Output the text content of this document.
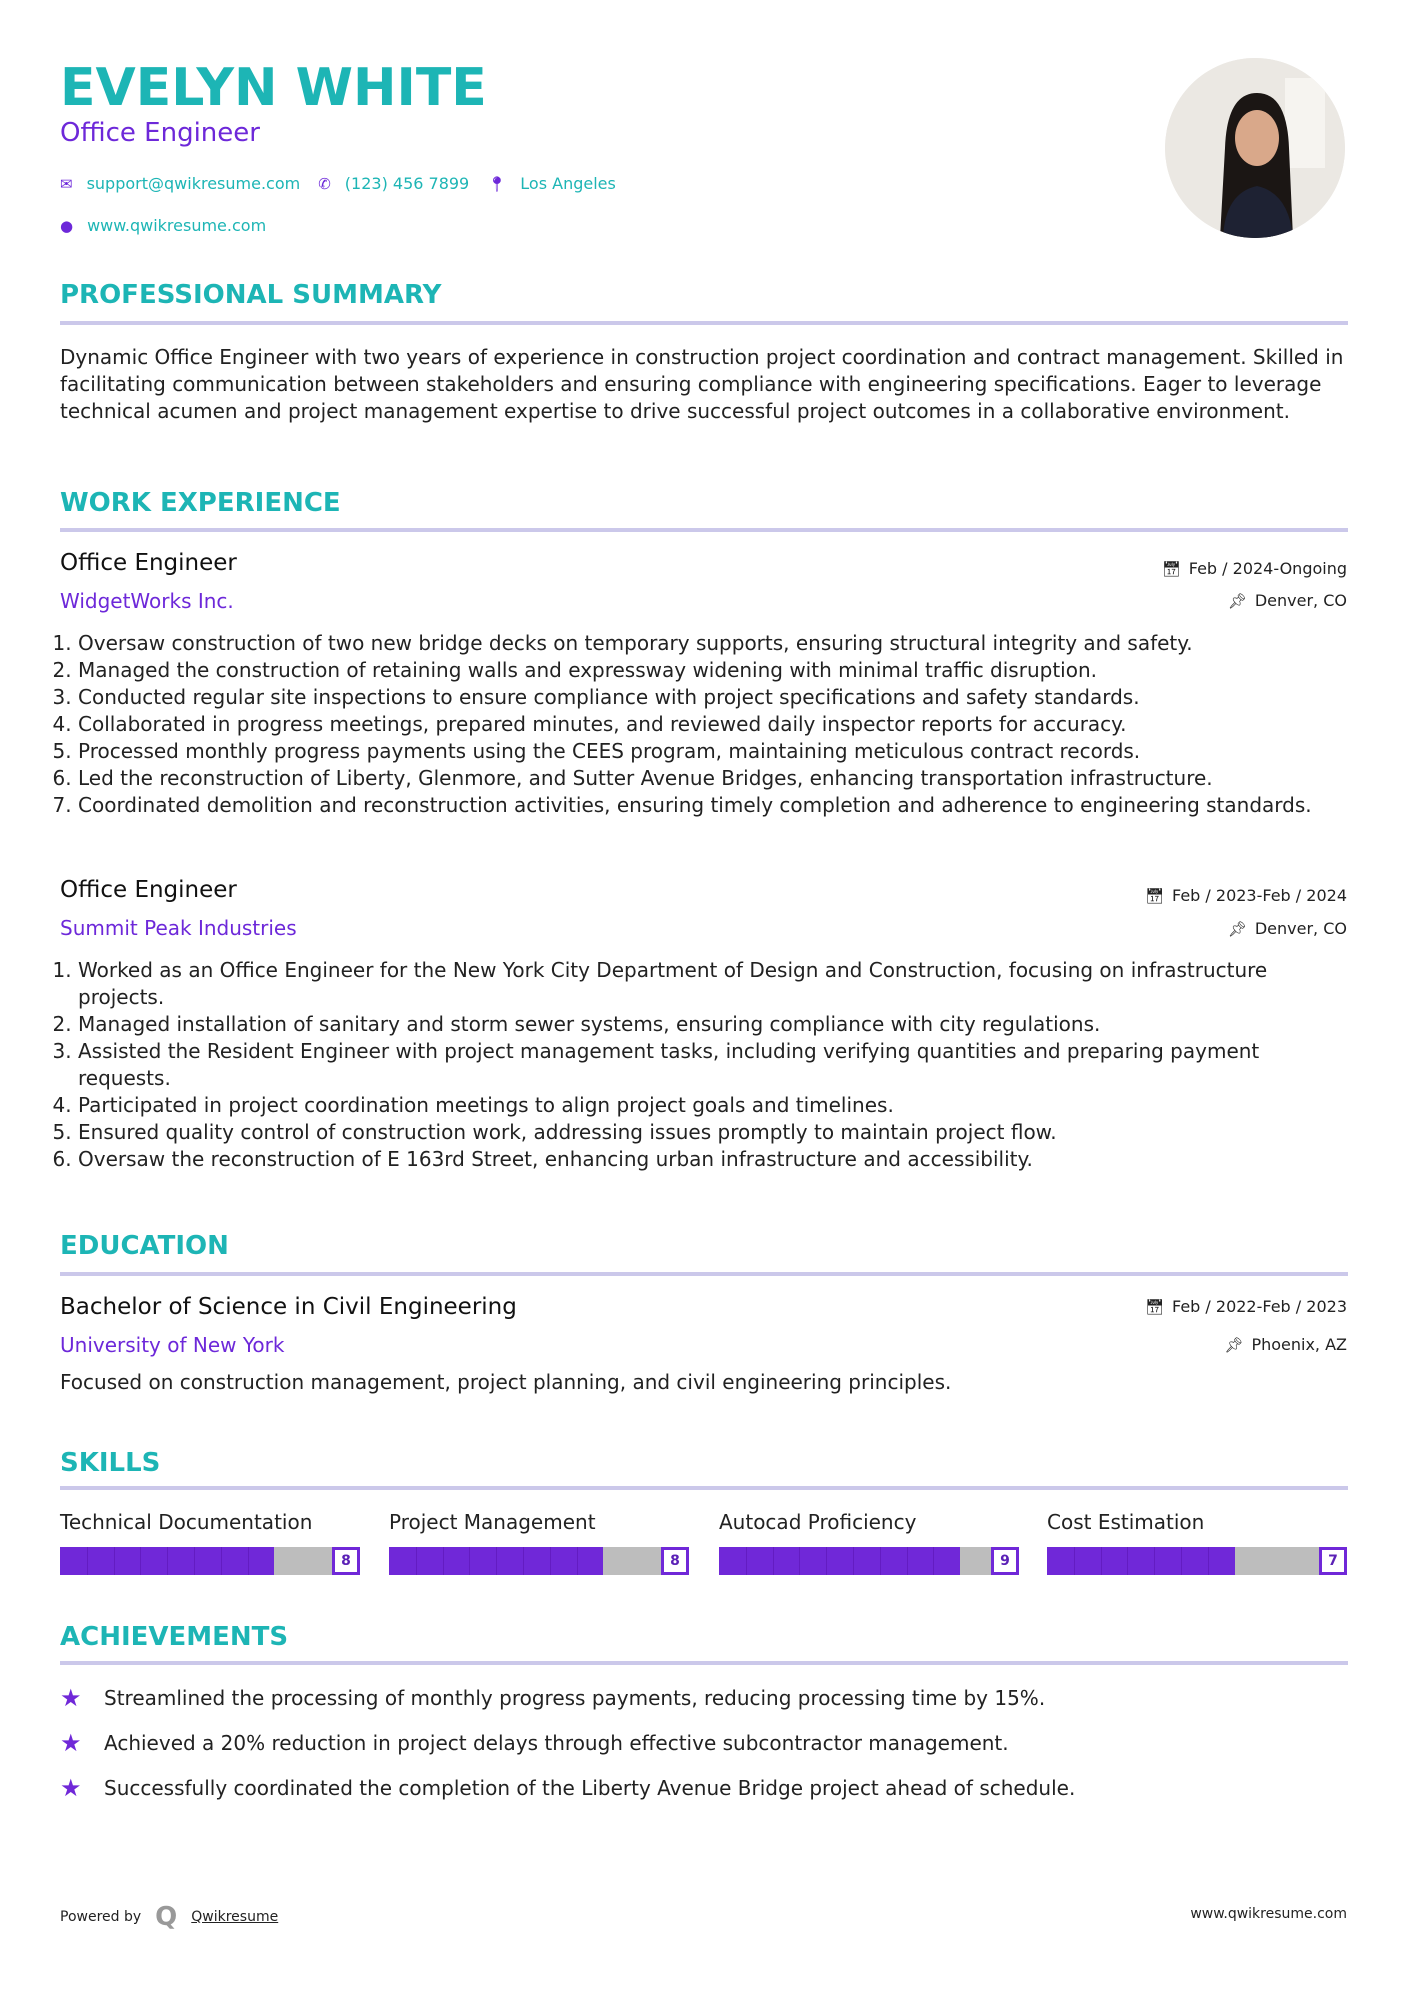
EVELYN WHITE
Office Engineer
✉ support@qwikresume.com ✆ (123) 456 7899 📍︎ Los Angeles
● www.qwikresume.com
PROFESSIONAL SUMMARY
Dynamic Office Engineer with two years of experience in construction project coordination and contract management. Skilled in facilitating communication between stakeholders and ensuring compliance with engineering specifications. Eager to leverage technical acumen and project management expertise to drive successful project outcomes in a collaborative environment.
WORK EXPERIENCE
Office Engineer
WidgetWorks Inc.
📅︎ Feb / 2024-Ongoing
📌︎ Denver, CO
1. Oversaw construction of two new bridge decks on temporary supports, ensuring structural integrity and safety.
2. Managed the construction of retaining walls and expressway widening with minimal traffic disruption.
3. Conducted regular site inspections to ensure compliance with project specifications and safety standards.
4. Collaborated in progress meetings, prepared minutes, and reviewed daily inspector reports for accuracy.
5. Processed monthly progress payments using the CEES program, maintaining meticulous contract records.
6. Led the reconstruction of Liberty, Glenmore, and Sutter Avenue Bridges, enhancing transportation infrastructure.
7. Coordinated demolition and reconstruction activities, ensuring timely completion and adherence to engineering standards.
Office Engineer
Summit Peak Industries
📅︎ Feb / 2023-Feb / 2024
📌︎ Denver, CO
1. Worked as an Office Engineer for the New York City Department of Design and Construction, focusing on infrastructure projects.
2. Managed installation of sanitary and storm sewer systems, ensuring compliance with city regulations.
3. Assisted the Resident Engineer with project management tasks, including verifying quantities and preparing payment requests.
4. Participated in project coordination meetings to align project goals and timelines.
5. Ensured quality control of construction work, addressing issues promptly to maintain project flow.
6. Oversaw the reconstruction of E 163rd Street, enhancing urban infrastructure and accessibility.
EDUCATION
Bachelor of Science in Civil Engineering
University of New York
📅︎ Feb / 2022-Feb / 2023
📌︎ Phoenix, AZ
Focused on construction management, project planning, and civil engineering principles.
SKILLS
Technical Documentation
8
Project Management
8
Autocad Proficiency
9
Cost Estimation
7
ACHIEVEMENTS
★	Streamlined the processing of monthly progress payments, reducing processing time by 15%.
★	Achieved a 20% reduction in project delays through effective subcontractor management.
★	Successfully coordinated the completion of the Liberty Avenue Bridge project ahead of schedule.
Powered by Q Qwikresume	www.qwikresume.com
